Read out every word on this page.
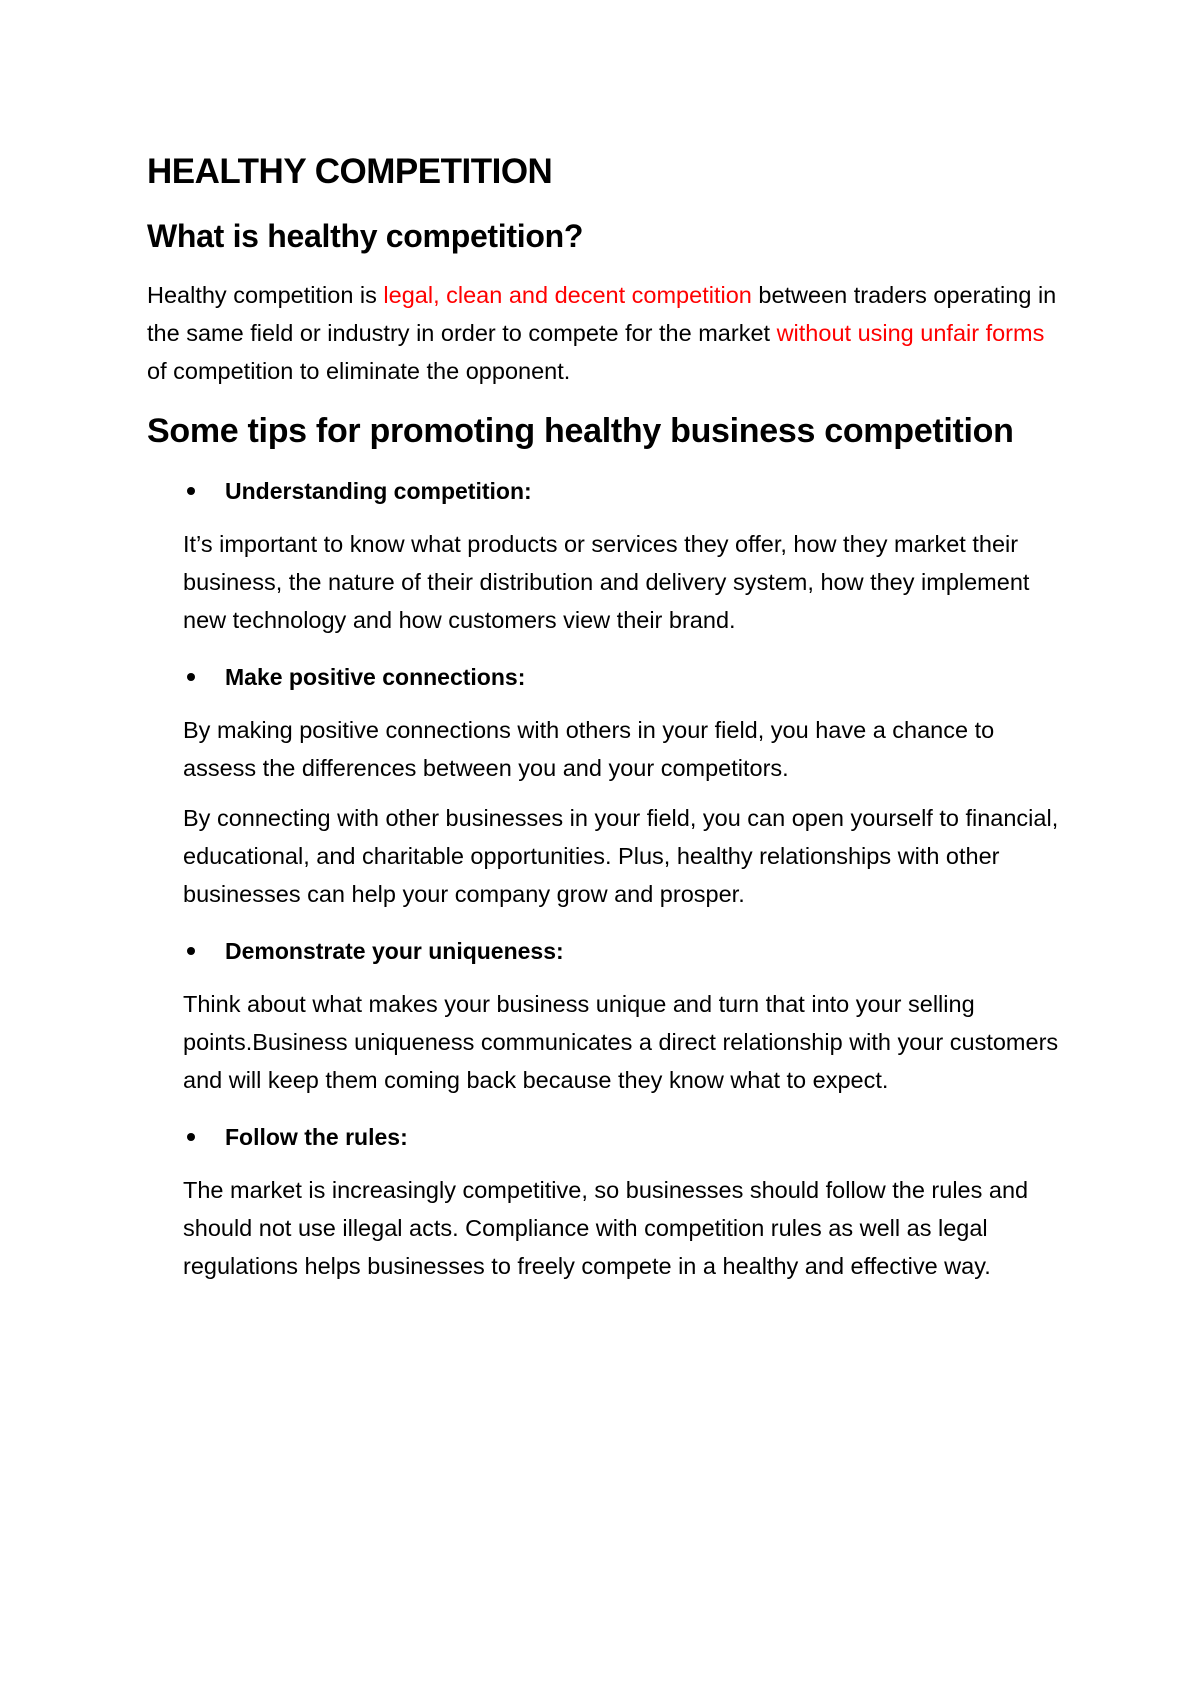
HEALTHY COMPETITION
What is healthy competition?

Healthy competition is legal, clean and decent competition between traders operating in the same field or industry in order to compete for the market without using unfair forms of competition to eliminate the opponent.

Some tips for promoting healthy business competition
Understanding competition:

It’s important to know what products or services they offer, how they market their business, the nature of their distribution and delivery system, how they implement new technology and how customers view their brand.

Make positive connections:

By making positive connections with others in your field, you have a chance to assess the differences between you and your competitors.

By connecting with other businesses in your field, you can open yourself to financial, educational, and charitable opportunities. Plus, healthy relationships with other businesses can help your company grow and prosper.

Demonstrate your uniqueness:

Think about what makes your business unique and turn that into your selling points.Business uniqueness communicates a direct relationship with your customers and will keep them coming back because they know what to expect.

Follow the rules:

The market is increasingly competitive, so businesses should follow the rules and should not use illegal acts. Compliance with competition rules as well as legal regulations helps businesses to freely compete in a healthy and effective way.
